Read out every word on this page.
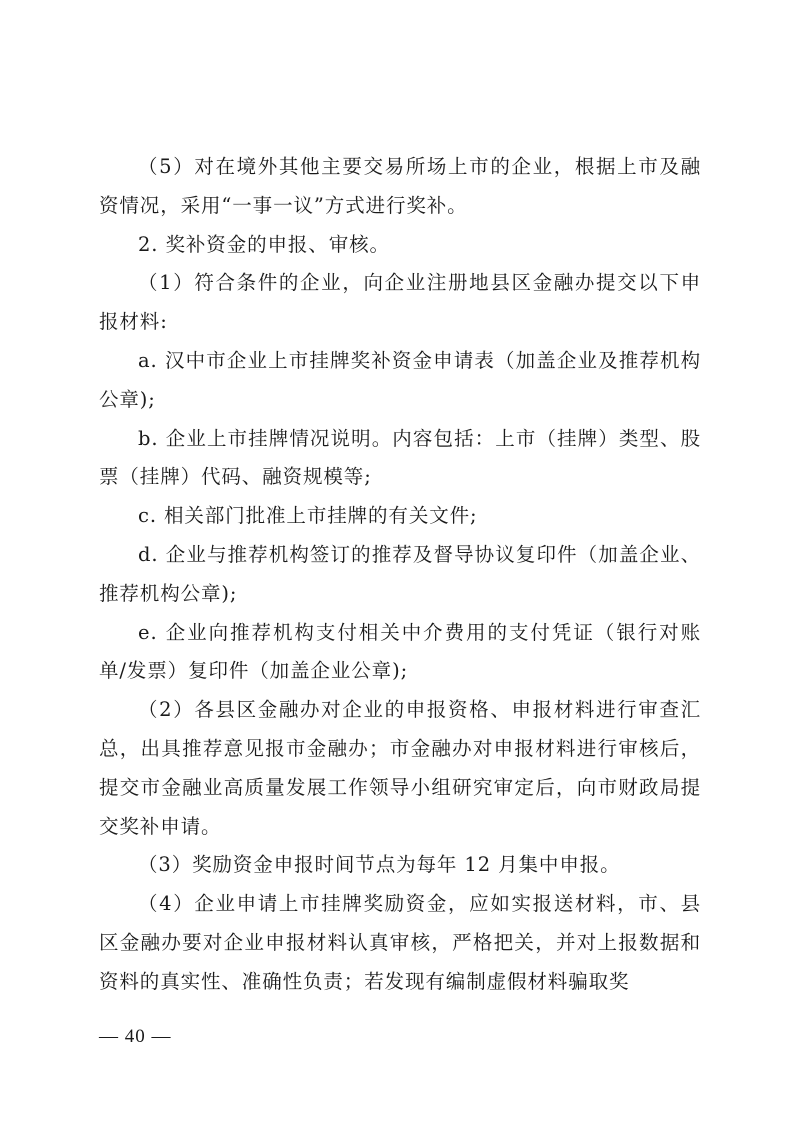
（5）对在境外其他主要交易所场上市的企业，根据上市及融资情况，采用“一事一议”方式进行奖补。

2. 奖补资金的申报、审核。

（1）符合条件的企业，向企业注册地县区金融办提交以下申报材料:

a. 汉中市企业上市挂牌奖补资金申请表（加盖企业及推荐机构公章);

b. 企业上市挂牌情况说明。内容包括：上市（挂牌）类型、股票（挂牌）代码、融资规模等;

c. 相关部门批准上市挂牌的有关文件;

d. 企业与推荐机构签订的推荐及督导协议复印件（加盖企业、推荐机构公章);

e. 企业向推荐机构支付相关中介费用的支付凭证（银行对账单/发票）复印件（加盖企业公章);

（2）各县区金融办对企业的申报资格、申报材料进行审查汇总，出具推荐意见报市金融办；市金融办对申报材料进行审核后，提交市金融业高质量发展工作领导小组研究审定后，向市财政局提交奖补申请。

（3）奖励资金申报时间节点为每年 12 月集中申报。

（4）企业申请上市挂牌奖励资金，应如实报送材料，市、县区金融办要对企业申报材料认真审核，严格把关，并对上报数据和资料的真实性、准确性负责；若发现有编制虚假材料骗取奖

— 40 —
